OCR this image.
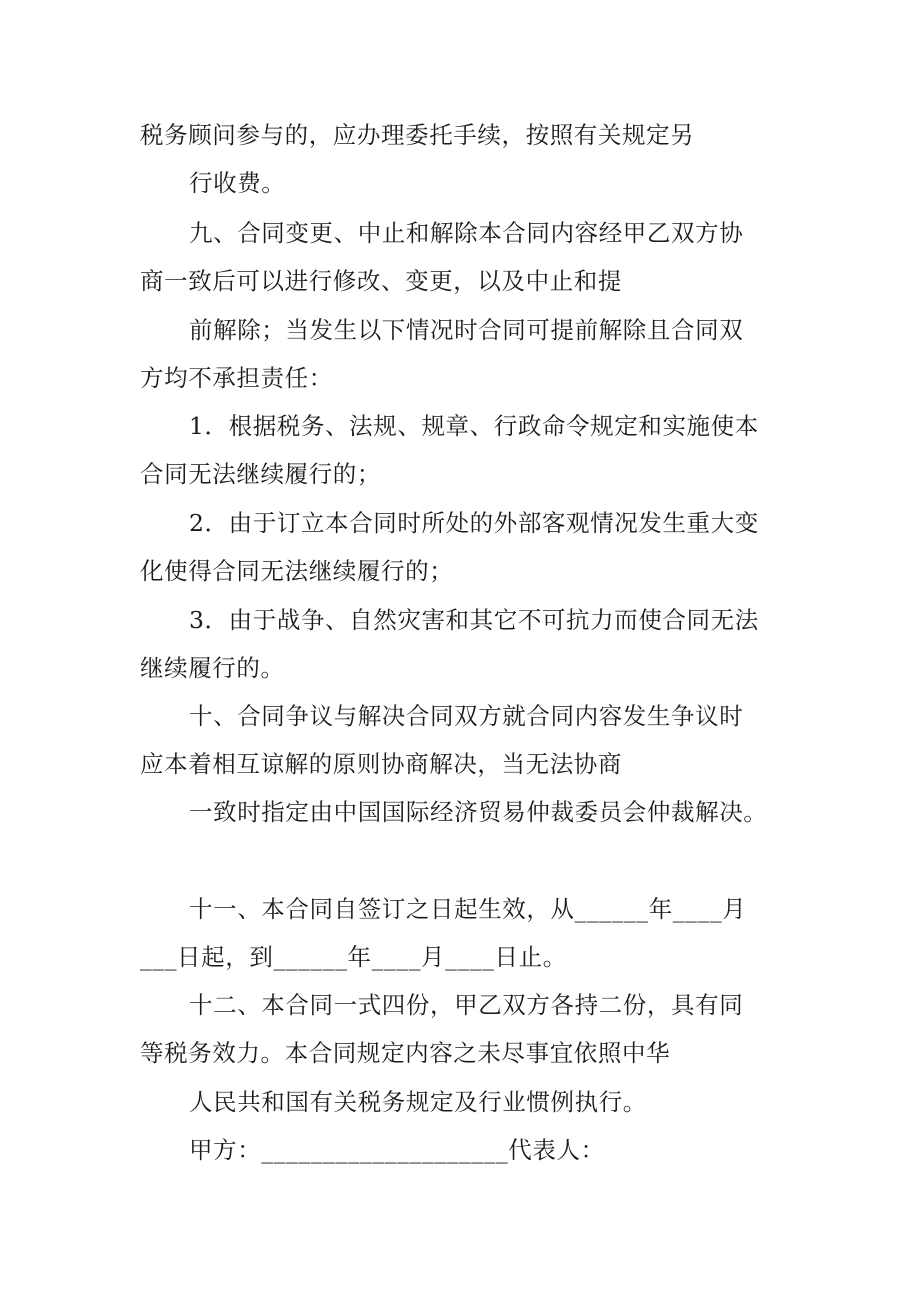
税务顾问参与的，应办理委托手续，按照有关规定另
行收费。
九、合同变更、中止和解除本合同内容经甲乙双方协
商一致后可以进行修改、变更，以及中止和提
前解除；当发生以下情况时合同可提前解除且合同双
方均不承担责任：
1．根据税务、法规、规章、行政命令规定和实施使本
合同无法继续履行的；
2．由于订立本合同时所处的外部客观情况发生重大变
化使得合同无法继续履行的；
3．由于战争、自然灾害和其它不可抗力而使合同无法
继续履行的。
十、合同争议与解决合同双方就合同内容发生争议时
应本着相互谅解的原则协商解决，当无法协商
一致时指定由中国国际经济贸易仲裁委员会仲裁解决。
十一、本合同自签订之日起生效，从______年____月
___日起，到______年____月____日止。
十二、本合同一式四份，甲乙双方各持二份，具有同
等税务效力。本合同规定内容之未尽事宜依照中华
人民共和国有关税务规定及行业惯例执行。
甲方：____________________代表人：
